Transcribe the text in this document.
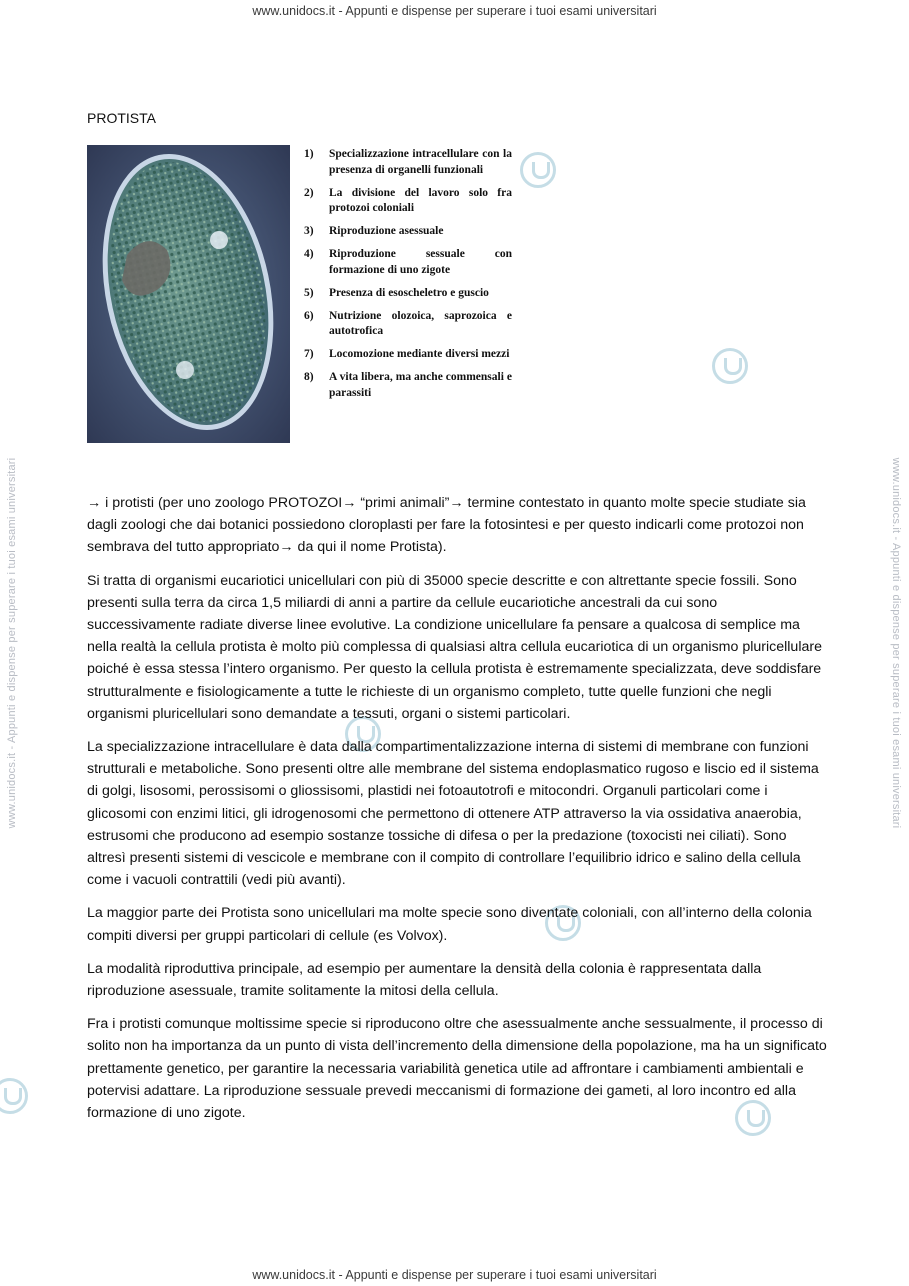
www.unidocs.it - Appunti e dispense per superare i tuoi esami universitari
www.unidocs.it - Appunti e dispense per superare i tuoi esami universitari	www.unidocs.it - Appunti e dispense per superare i tuoi esami universitari
PROTISTA
1)	Specializzazione intracellulare con la presenza di organelli funzionali
2)	La divisione del lavoro solo fra protozoi coloniali
3)	Riproduzione asessuale
4)	Riproduzione sessuale con formazione di uno zigote
5)	Presenza di esoscheletro e guscio
6)	Nutrizione olozoica, saprozoica e autotrofica
7)	Locomozione mediante diversi mezzi
8)	A vita libera, ma anche commensali e parassiti

→ i protisti (per uno zoologo PROTOZOI→ “primi animali”→ termine contestato in quanto molte specie studiate sia dagli zoologi che dai botanici possiedono cloroplasti per fare la fotosintesi e per questo indicarli come protozoi non sembrava del tutto appropriato→ da qui il nome Protista).

Si tratta di organismi eucariotici unicellulari con più di 35000 specie descritte e con altrettante specie fossili. Sono presenti sulla terra da circa 1,5 miliardi di anni a partire da cellule eucariotiche ancestrali da cui sono successivamente radiate diverse linee evolutive. La condizione unicellulare fa pensare a qualcosa di semplice ma nella realtà la cellula protista è molto più complessa di qualsiasi altra cellula eucariotica di un organismo pluricellulare poiché è essa stessa l’intero organismo. Per questo la cellula protista è estremamente specializzata, deve soddisfare strutturalmente e fisiologicamente a tutte le richieste di un organismo completo, tutte quelle funzioni che negli organismi pluricellulari sono demandate a tessuti, organi o sistemi particolari.

La specializzazione intracellulare è data dalla compartimentalizzazione interna di sistemi di membrane con funzioni strutturali e metaboliche. Sono presenti oltre alle membrane del sistema endoplasmatico rugoso e liscio ed il sistema di golgi, lisosomi, perossisomi o gliossisomi, plastidi nei fotoautotrofi e mitocondri. Organuli particolari come i glicosomi con enzimi litici, gli idrogenosomi che permettono di ottenere ATP attraverso la via ossidativa anaerobia, estrusomi che producono ad esempio sostanze tossiche di difesa o per la predazione (toxocisti nei ciliati). Sono altresì presenti sistemi di vescicole e membrane con il compito di controllare l’equilibrio idrico e salino della cellula come i vacuoli contrattili (vedi più avanti).

La maggior parte dei Protista sono unicellulari ma molte specie sono diventate coloniali, con all’interno della colonia compiti diversi per gruppi particolari di cellule (es Volvox).

La modalità riproduttiva principale, ad esempio per aumentare la densità della colonia è rappresentata dalla riproduzione asessuale, tramite solitamente la mitosi della cellula.

Fra i protisti comunque moltissime specie si riproducono oltre che asessualmente anche sessualmente, il processo di solito non ha importanza da un punto di vista dell’incremento della dimensione della popolazione, ma ha un significato prettamente genetico, per garantire la necessaria variabilità genetica utile ad affrontare i cambiamenti ambientali e potervisi adattare. La riproduzione sessuale prevedi meccanismi di formazione dei gameti, al loro incontro ed alla formazione di uno zigote.

www.unidocs.it - Appunti e dispense per superare i tuoi esami universitari
